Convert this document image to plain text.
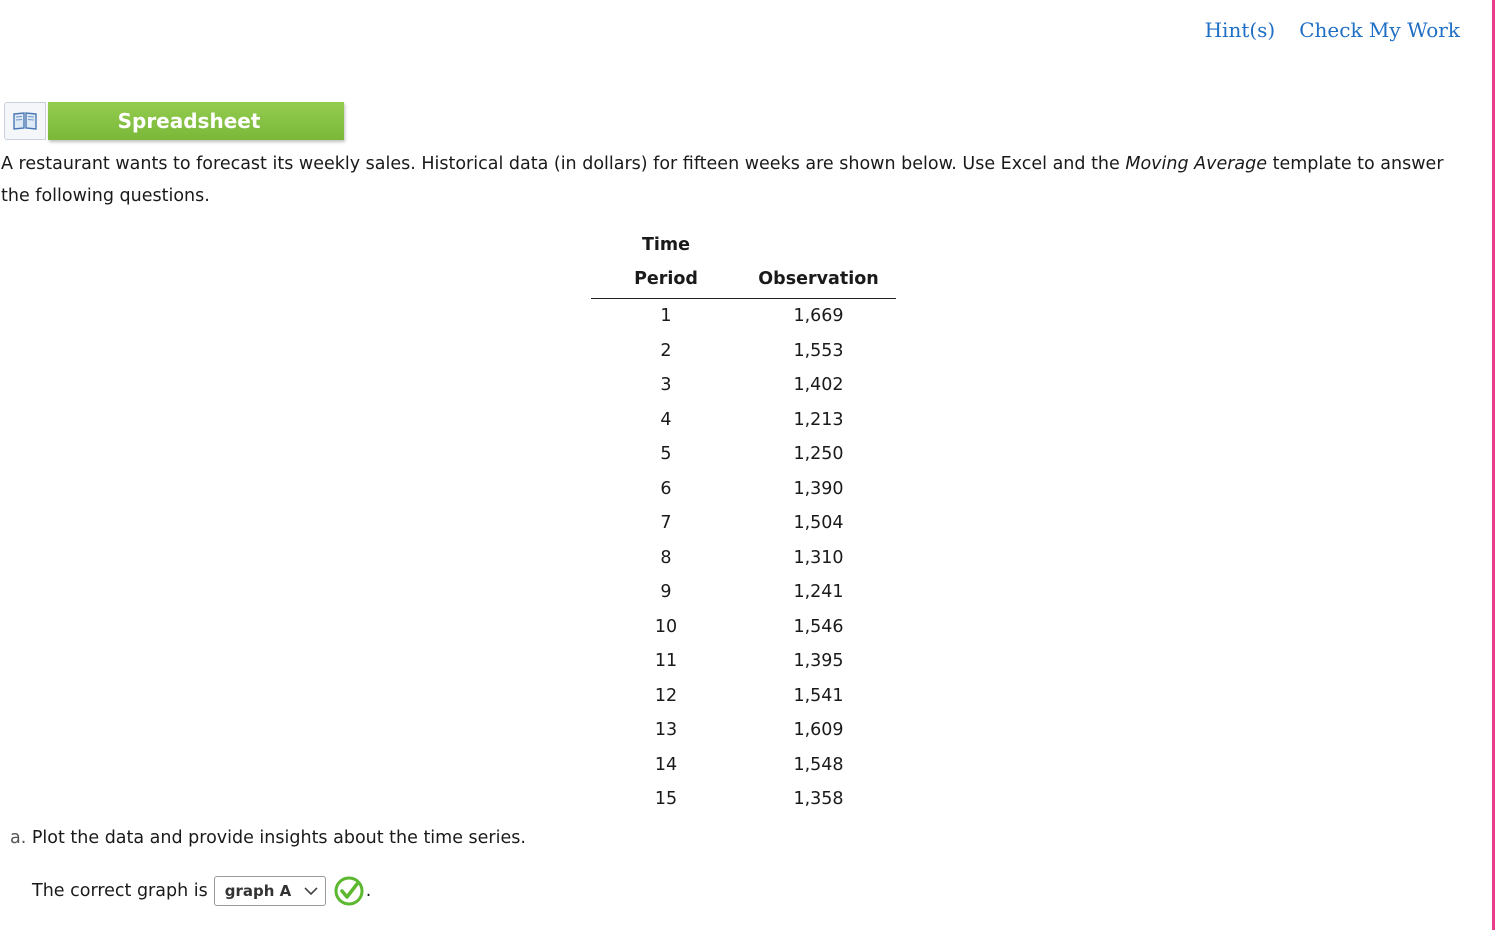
Hint(s) Check My Work
Spreadsheet
A restaurant wants to forecast its weekly sales. Historical data (in dollars) for fifteen weeks are shown below. Use Excel and the Moving Average template to answer the following questions.
Time	
Period	Observation
1	1,669
2	1,553
3	1,402
4	1,213
5	1,250
6	1,390
7	1,504
8	1,310
9	1,241
10	1,546
11	1,395
12	1,541
13	1,609
14	1,548
15	1,358
a. Plot the data and provide insights about the time series.
The correct graph is graph A	.
